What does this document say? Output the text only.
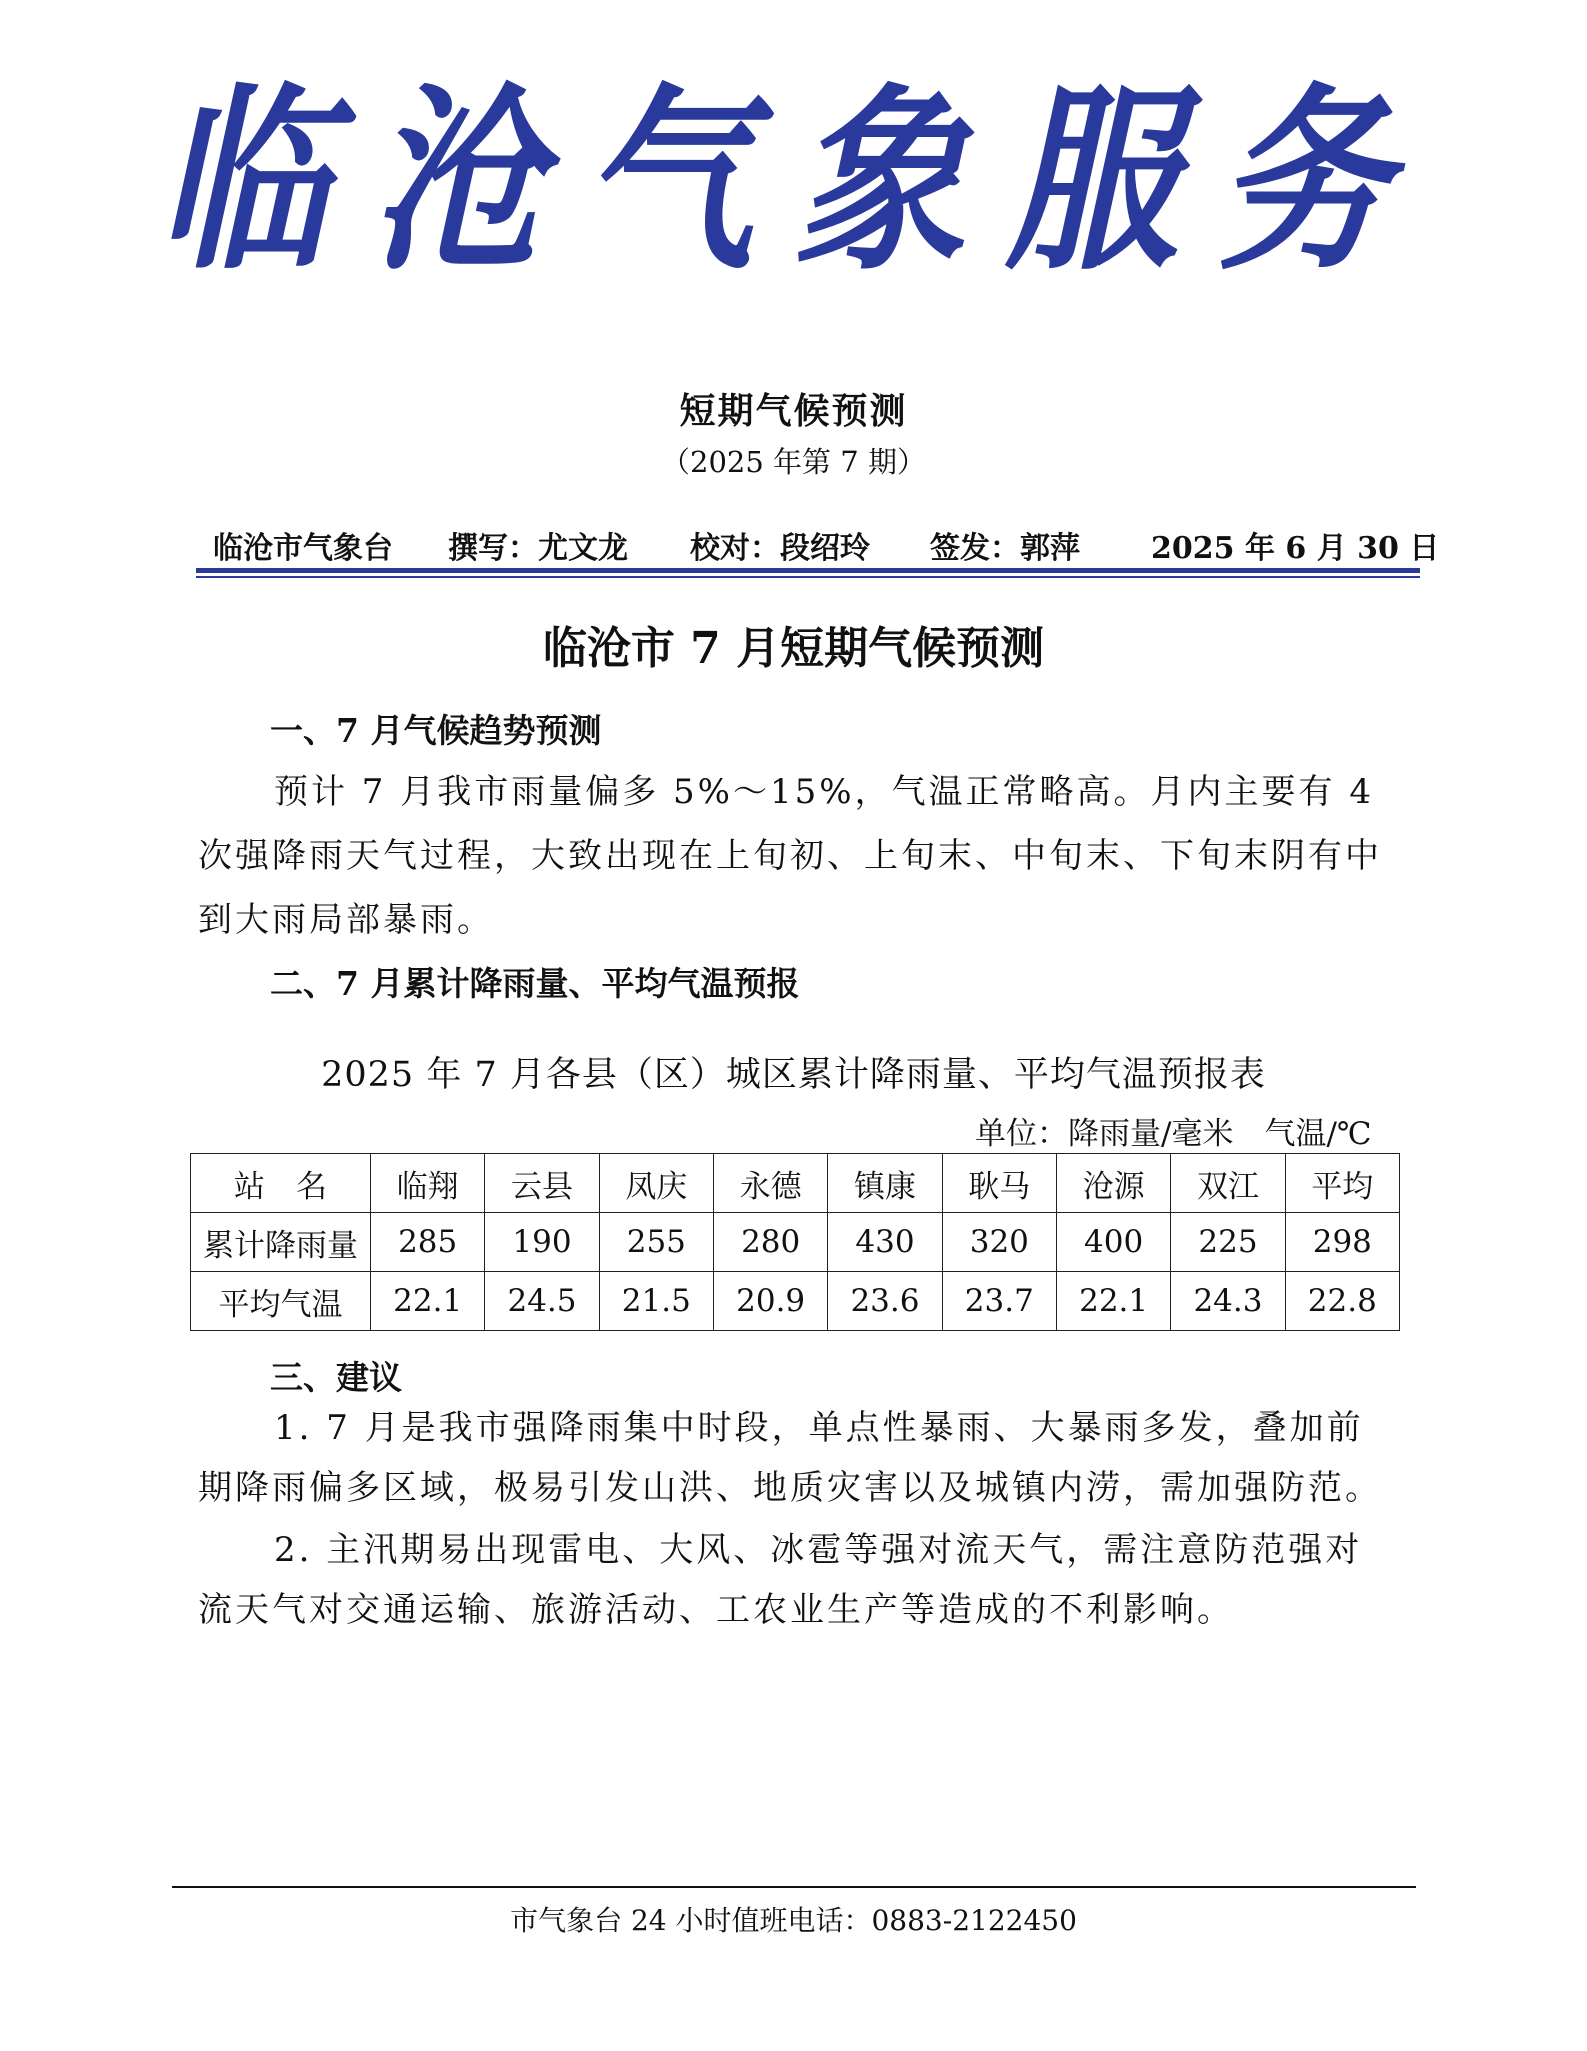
临沧气象服务
短期气候预测
（2025 年第 7 期）
临沧市气象台 撰写：尤文龙 校对：段绍玲 签发：郭萍 2025 年 6 月 30 日
临沧市 7 月短期气候预测
一、7 月气候趋势预测

预计 7 月我市雨量偏多 5%～15%，气温正常略高。月内主要有 4 次强降雨天气过程，大致出现在上旬初、上旬末、中旬末、下旬末阴有中到大雨局部暴雨。

二、7 月累计降雨量、平均气温预报
2025 年 7 月各县（区）城区累计降雨量、平均气温预报表
单位：降雨量/毫米　气温/℃
站　名	临翔	云县	凤庆	永德	镇康	耿马	沧源	双江	平均
累计降雨量	285	190	255	280	430	320	400	225	298
平均气温	22.1	24.5	21.5	20.9	23.6	23.7	22.1	24.3	22.8
三、建议

1. 7 月是我市强降雨集中时段，单点性暴雨、大暴雨多发，叠加前期降雨偏多区域，极易引发山洪、地质灾害以及城镇内涝，需加强防范。

2. 主汛期易出现雷电、大风、冰雹等强对流天气，需注意防范强对流天气对交通运输、旅游活动、工农业生产等造成的不利影响。

市气象台 24 小时值班电话：0883-2122450
